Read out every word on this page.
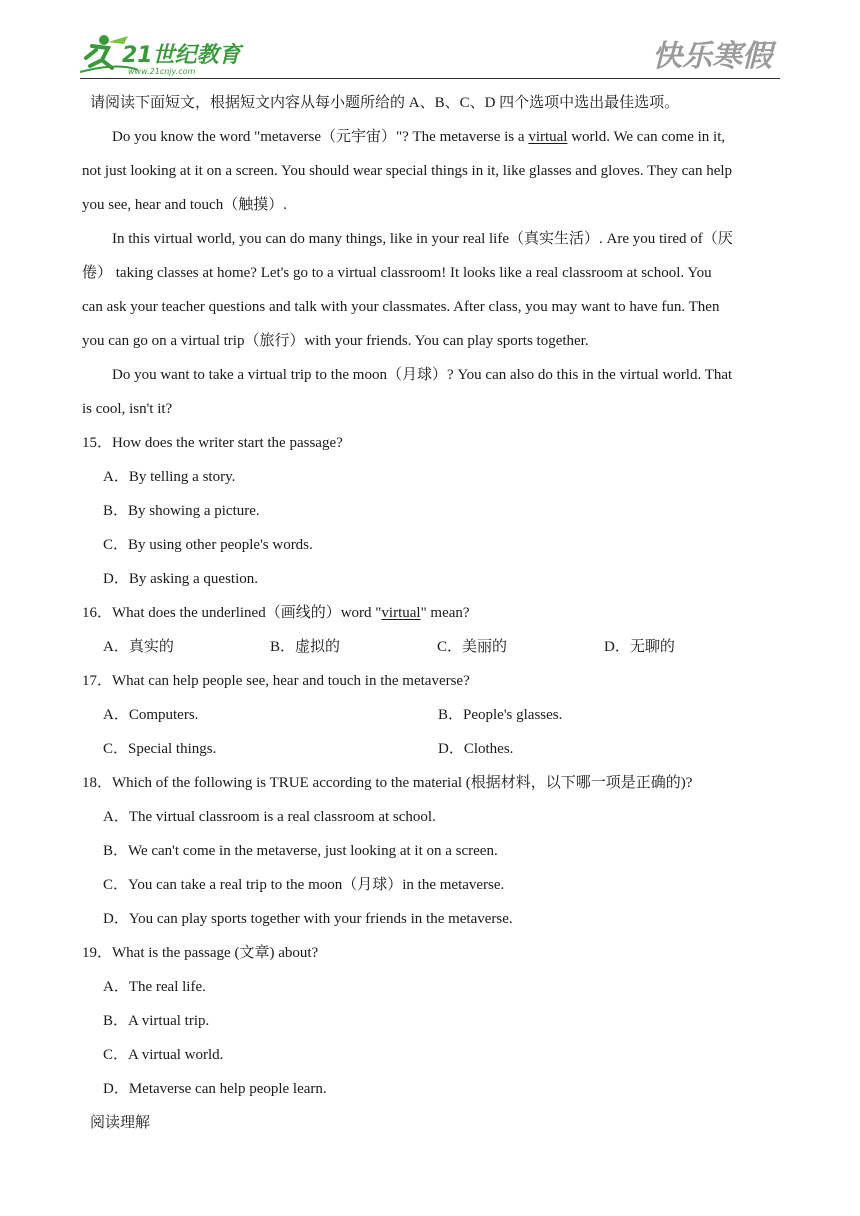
21世纪教育
www.21cnjy.com	快乐寒假
请阅读下面短文，根据短文内容从每小题所给的 A、B、C、D 四个选项中选出最佳选项。
Do you know the word "metaverse（元宇宙）"? The metaverse is a virtual world. We can come in it,
not just looking at it on a screen. You should wear special things in it, like glasses and gloves. They can help
you see, hear and touch（触摸）.
In this virtual world, you can do many things, like in your real life（真实生活）. Are you tired of（厌
倦） taking classes at home? Let's go to a virtual classroom! It looks like a real classroom at school. You
can ask your teacher questions and talk with your classmates. After class, you may want to have fun. Then
you can go on a virtual trip（旅行）with your friends. You can play sports together.
Do you want to take a virtual trip to the moon（月球）? You can also do this in the virtual world. That
is cool, isn't it?
15．How does the writer start the passage?
A．By telling a story.
B．By showing a picture.
C．By using other people's words.
D．By asking a question.
16．What does the underlined（画线的）word "virtual" mean?
A．真实的	B．虚拟的	C．美丽的	D．无聊的
17．What can help people see, hear and touch in the metaverse?
A．Computers.	B．People's glasses.
C．Special things.	D．Clothes.
18．Which of the following is TRUE according to the material (根据材料，以下哪一项是正确的)?
A．The virtual classroom is a real classroom at school.
B．We can't come in the metaverse, just looking at it on a screen.
C．You can take a real trip to the moon（月球）in the metaverse.
D．You can play sports together with your friends in the metaverse.
19．What is the passage (文章) about?
A．The real life.
B．A virtual trip.
C．A virtual world.
D．Metaverse can help people learn.
阅读理解
